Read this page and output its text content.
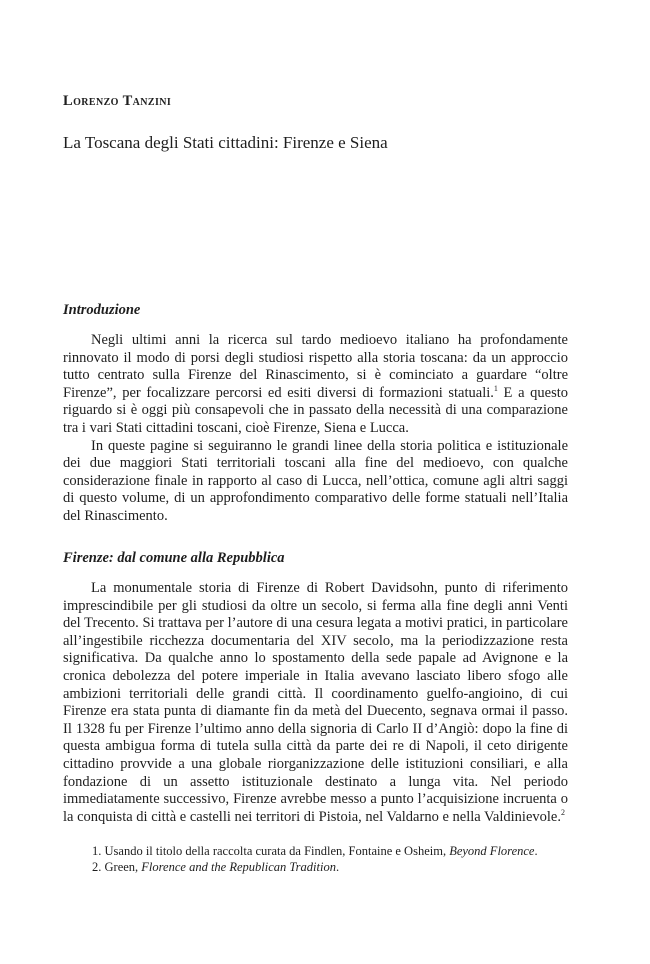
Lorenzo Tanzini
La Toscana degli Stati cittadini: Firenze e Siena
Introduzione

Negli ultimi anni la ricerca sul tardo medioevo italiano ha profondamente rinnovato il modo di porsi degli studiosi rispetto alla storia toscana: da un approccio tutto centrato sulla Firenze del Rinascimento, si è cominciato a guardare “oltre Firenze”, per focalizzare percorsi ed esiti diversi di formazioni statuali.$^1$ E a questo riguardo si è oggi più consapevoli che in passato della necessità di una comparazione tra i vari Stati cittadini toscani, cioè Firenze, Siena e Lucca.

In queste pagine si seguiranno le grandi linee della storia politica e istituzionale dei due maggiori Stati territoriali toscani alla fine del medioevo, con qualche considerazione finale in rapporto al caso di Lucca, nell’ottica, comune agli altri saggi di questo volume, di un approfondimento comparativo delle forme statuali nell’Italia del Rinascimento.

Firenze: dal comune alla Repubblica

La monumentale storia di Firenze di Robert Davidsohn, punto di riferimento imprescindibile per gli studiosi da oltre un secolo, si ferma alla fine degli anni Venti del Trecento. Si trattava per l’autore di una cesura legata a motivi pratici, in particolare all’ingestibile ricchezza documentaria del XIV secolo, ma la periodizzazione resta significativa. Da qualche anno lo spostamento della sede papale ad Avignone e la cronica debolezza del potere imperiale in Italia avevano lasciato libero sfogo alle ambizioni territoriali delle grandi città. Il coordinamento guelfo-angioino, di cui Firenze era stata punta di diamante fin da metà del Duecento, segnava ormai il passo. Il 1328 fu per Firenze l’ultimo anno della signoria di Carlo II d’Angiò: dopo la fine di questa ambigua forma di tutela sulla città da parte dei re di Napoli, il ceto dirigente cittadino provvide a una globale riorganizzazione delle istituzioni consiliari, e alla fondazione di un assetto istituzionale destinato a lunga vita. Nel periodo immediatamente successivo, Firenze avrebbe messo a punto l’acquisizione incruenta o la conquista di città e castelli nei territori di Pistoia, nel Valdarno e nella Valdinievole.$^2$

1. Usando il titolo della raccolta curata da Findlen, Fontaine e Osheim, Beyond Florence.
2. Green, Florence and the Republican Tradition.
